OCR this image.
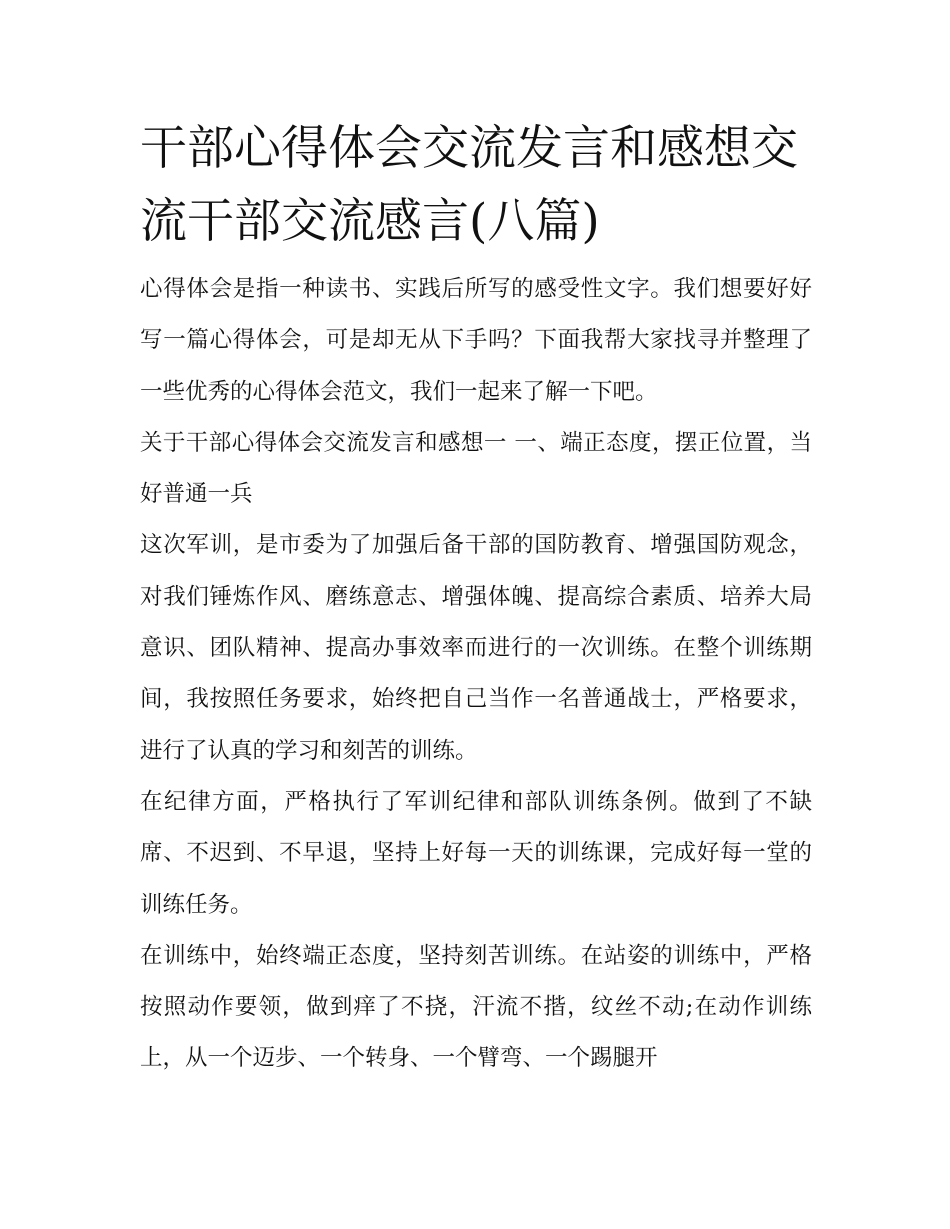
干部心得体会交流发言和感想交流干部交流感言(八篇)

心得体会是指一种读书、实践后所写的感受性文字。我们想要好好写一篇心得体会，可是却无从下手吗？下面我帮大家找寻并整理了一些优秀的心得体会范文，我们一起来了解一下吧。

关于干部心得体会交流发言和感想一 一、端正态度，摆正位置，当好普通一兵

这次军训，是市委为了加强后备干部的国防教育、增强国防观念，对我们锤炼作风、磨练意志、增强体魄、提高综合素质、培养大局意识、团队精神、提高办事效率而进行的一次训练。在整个训练期间，我按照任务要求，始终把自己当作一名普通战士，严格要求，进行了认真的学习和刻苦的训练。

在纪律方面，严格执行了军训纪律和部队训练条例。做到了不缺席、不迟到、不早退，坚持上好每一天的训练课，完成好每一堂的训练任务。

在训练中，始终端正态度，坚持刻苦训练。在站姿的训练中，严格按照动作要领，做到痒了不挠，汗流不揩，纹丝不动;在动作训练上，从一个迈步、一个转身、一个臂弯、一个踢腿开
